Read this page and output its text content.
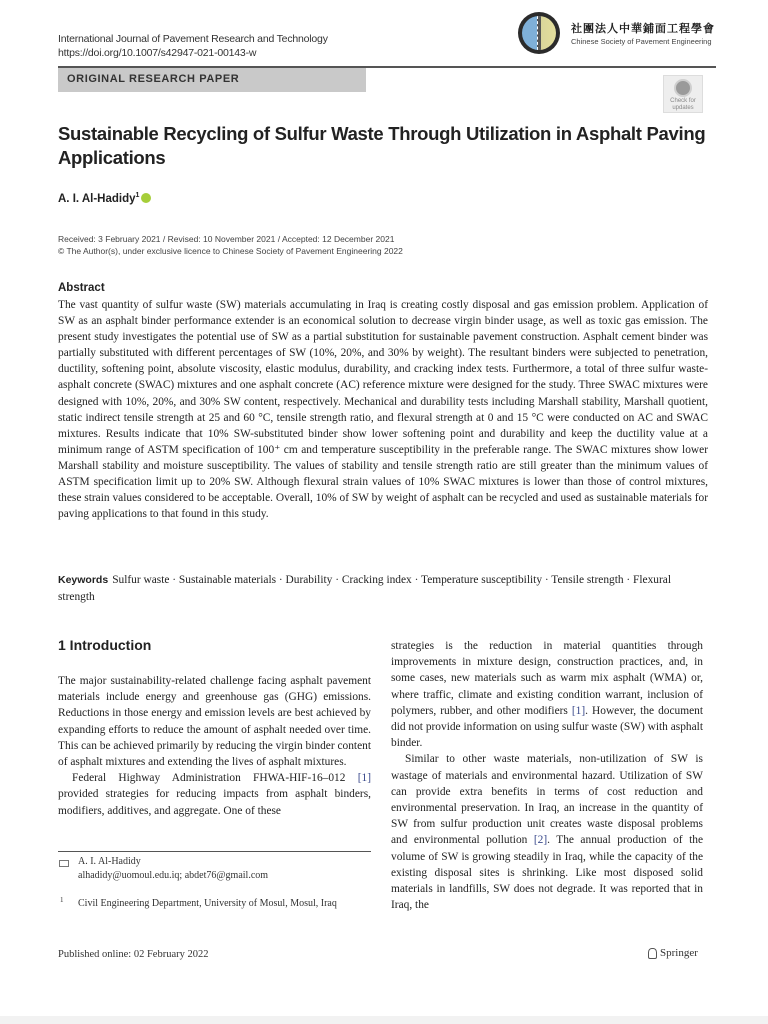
International Journal of Pavement Research and Technology
https://doi.org/10.1007/s42947-021-00143-w
社團法人中華鋪面工程學會
Chinese Society of Pavement Engineering
ORIGINAL RESEARCH PAPER
Check for
updates
Sustainable Recycling of Sulfur Waste Through Utilization in Asphalt Paving Applications
A. I. Al-Hadidy$^1$
Received: 3 February 2021 / Revised: 10 November 2021 / Accepted: 12 December 2021
© The Author(s), under exclusive licence to Chinese Society of Pavement Engineering 2022
Abstract
The vast quantity of sulfur waste (SW) materials accumulating in Iraq is creating costly disposal and gas emission problem. Application of SW as an asphalt binder performance extender is an economical solution to decrease virgin binder usage, as well as toxic gas emission. The present study investigates the potential use of SW as a partial substitution for sustainable pavement construction. Asphalt cement binder was partially substituted with different percentages of SW (10%, 20%, and 30% by weight). The resultant binders were subjected to penetration, ductility, softening point, absolute viscosity, elastic modulus, durability, and cracking index tests. Furthermore, a total of three sulfur waste-asphalt concrete (SWAC) mixtures and one asphalt concrete (AC) reference mixture were designed for the study. Three SWAC mixtures were designed with 10%, 20%, and 30% SW content, respectively. Mechanical and durability tests including Marshall stability, Marshall quotient, static indirect tensile strength at 25 and 60 °C, tensile strength ratio, and flexural strength at 0 and 15 °C were conducted on AC and SWAC mixtures. Results indicate that 10% SW-substituted binder show lower softening point and durability and keep the ductility value at a minimum range of ASTM specification of 100⁺ cm and temperature susceptibility in the preferable range. The SWAC mixtures show lower Marshall stability and moisture susceptibility. The values of stability and tensile strength ratio are still greater than the minimum values of ASTM specification limit up to 20% SW. Although flexural strain values of 10% SWAC mixtures is lower than those of control mixtures, these strain values considered to be acceptable. Overall, 10% of SW by weight of asphalt can be recycled and used as sustainable materials for paving applications to that found in this study.
Keywords Sulfur waste · Sustainable materials · Durability · Cracking index · Temperature susceptibility · Tensile strength · Flexural strength
1 Introduction
The major sustainability-related challenge facing asphalt pavement materials include energy and greenhouse gas (GHG) emissions. Reductions in those energy and emission levels are best achieved by expanding efforts to reduce the amount of asphalt needed over time. This can be achieved primarily by reducing the virgin binder content of asphalt mixtures and extending the lives of asphalt mixtures.
Federal Highway Administration FHWA-HIF-16–012 [1] provided strategies for reducing impacts from asphalt binders, modifiers, additives, and aggregate. One of these
strategies is the reduction in material quantities through improvements in mixture design, construction practices, and, in some cases, new materials such as warm mix asphalt (WMA) or, where traffic, climate and existing condition warrant, inclusion of polymers, rubber, and other modifiers [1]. However, the document did not provide information on using sulfur waste (SW) with asphalt binder.
Similar to other waste materials, non-utilization of SW is wastage of materials and environmental hazard. Utilization of SW can provide extra benefits in terms of cost reduction and environmental preservation. In Iraq, an increase in the quantity of SW from sulfur production unit creates waste disposal problems and environmental pollution [2]. The annual production of the volume of SW is growing steadily in Iraq, while the capacity of the existing disposal sites is shrinking. Like most disposed solid materials in landfills, SW does not degrade. It was reported that in Iraq, the
A. I. Al-Hadidy
alhadidy@uomoul.edu.iq; abdet76@gmail.com
1 Civil Engineering Department, University of Mosul, Mosul, Iraq
Published online: 02 February 2022	Springer
